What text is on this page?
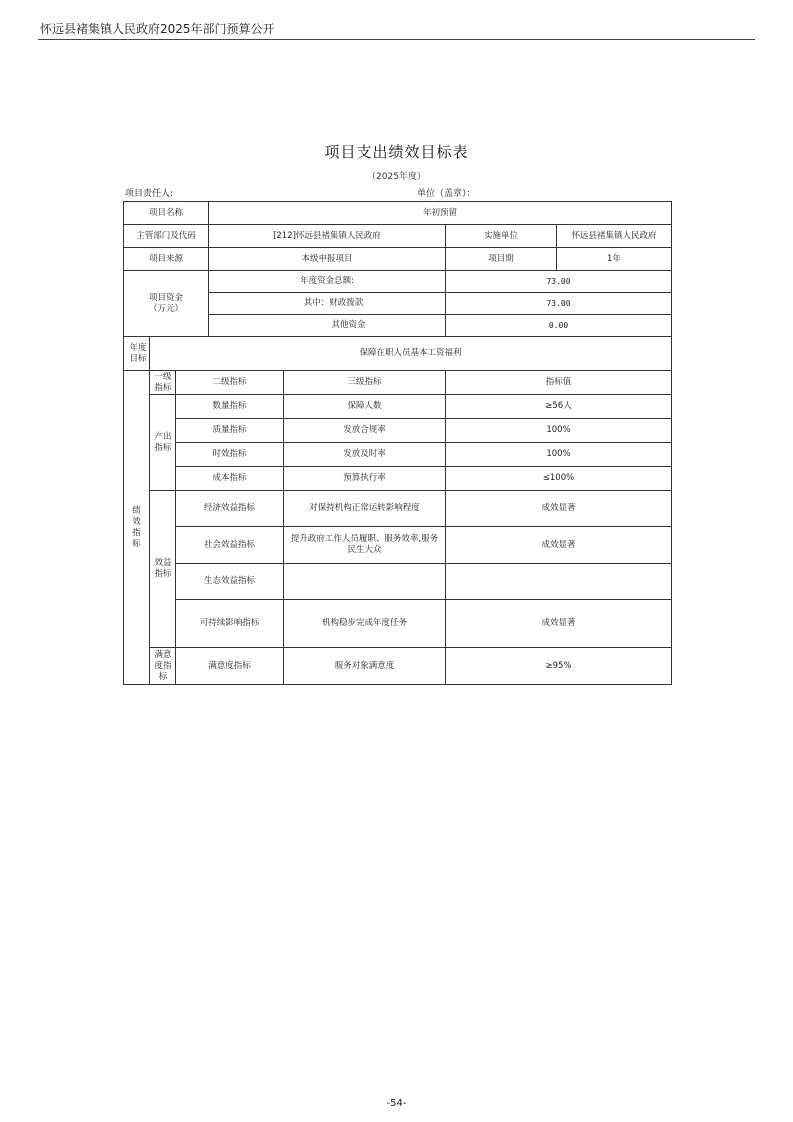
怀远县褚集镇人民政府2025年部门预算公开
项目支出绩效目标表
（2025年度）
项目责任人:	单位（盖章）：
项目名称			年初预留			
主管部门及代码			[212]怀远县褚集镇人民政府		实施单位	怀远县褚集镇人民政府
项目来源			本级申报项目		项目期	1年
项目资金（万元）			年度资金总额:		73.00	
			其中：财政拨款		73.00	
			其他资金		0.00	
年度目标	保障在职人员基本工资福利					
绩效指标	一级指标	二级指标		三级指标	指标值	
	产出指标	数量指标		保障人数	≥56人	
		质量指标		发放合规率	100%	
		时效指标		发放及时率	100%	
		成本指标		预算执行率	≤100%	
	效益指标	经济效益指标		对保持机构正常运转影响程度	成效显著	
		社会效益指标		提升政府工作人员履职、服务效率,服务民生大众	成效显著	
		生态效益指标				
		可持续影响指标		机构稳步完成年度任务	成效显著	
	满意度指标	满意度指标		服务对象满意度	≥95%	
-54-
